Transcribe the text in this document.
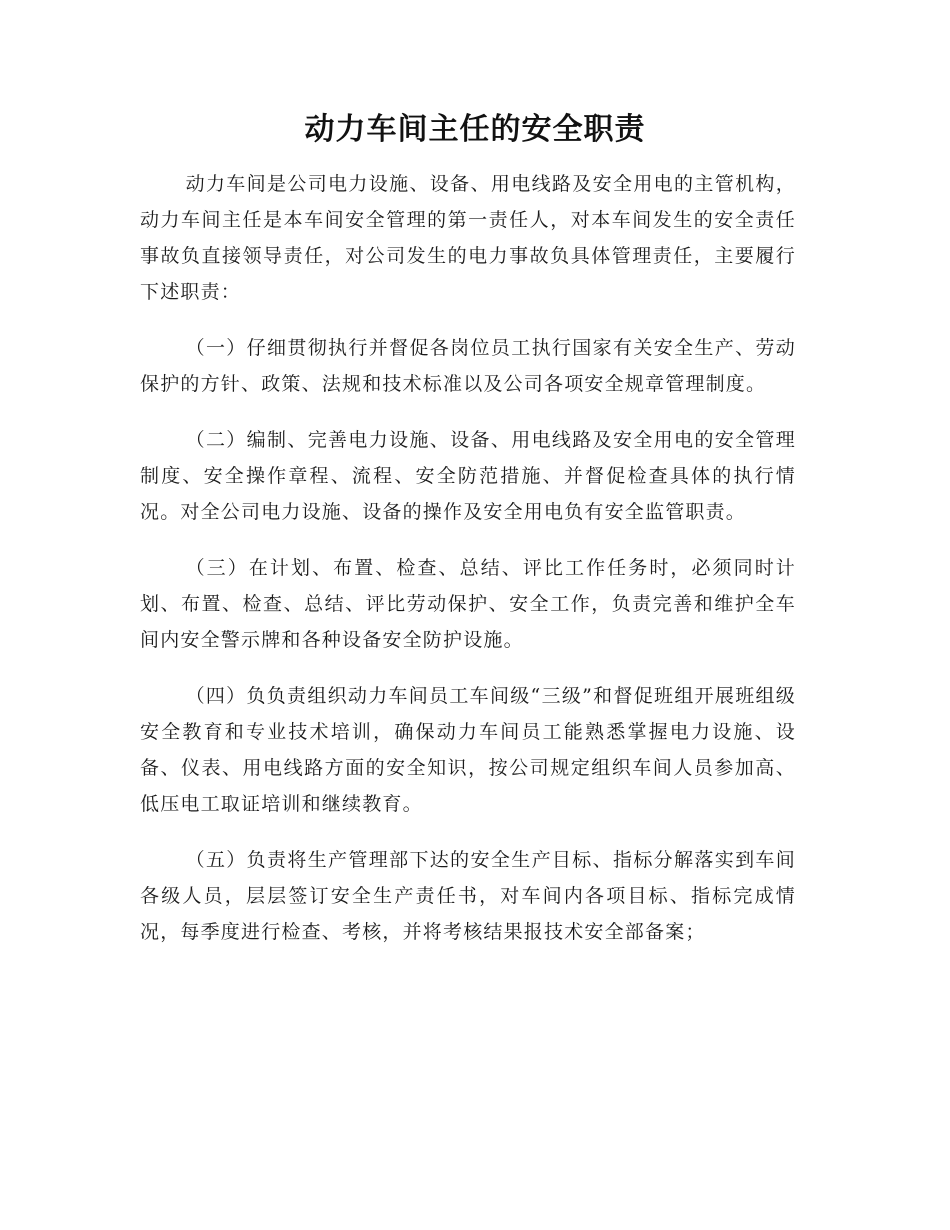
动力车间主任的安全职责

动力车间是公司电力设施、设备、用电线路及安全用电的主管机构，动力车间主任是本车间安全管理的第一责任人，对本车间发生的安全责任事故负直接领导责任，对公司发生的电力事故负具体管理责任，主要履行下述职责：

（一）仔细贯彻执行并督促各岗位员工执行国家有关安全生产、劳动保护的方针、政策、法规和技术标准以及公司各项安全规章管理制度。

（二）编制、完善电力设施、设备、用电线路及安全用电的安全管理制度、安全操作章程、流程、安全防范措施、并督促检查具体的执行情况。对全公司电力设施、设备的操作及安全用电负有安全监管职责。

（三）在计划、布置、检查、总结、评比工作任务时，必须同时计划、布置、检查、总结、评比劳动保护、安全工作，负责完善和维护全车间内安全警示牌和各种设备安全防护设施。

（四）负负责组织动力车间员工车间级“三级”和督促班组开展班组级安全教育和专业技术培训，确保动力车间员工能熟悉掌握电力设施、设备、仪表、用电线路方面的安全知识，按公司规定组织车间人员参加高、低压电工取证培训和继续教育。

（五）负责将生产管理部下达的安全生产目标、指标分解落实到车间各级人员，层层签订安全生产责任书，对车间内各项目标、指标完成情况，每季度进行检查、考核，并将考核结果报技术安全部备案；
